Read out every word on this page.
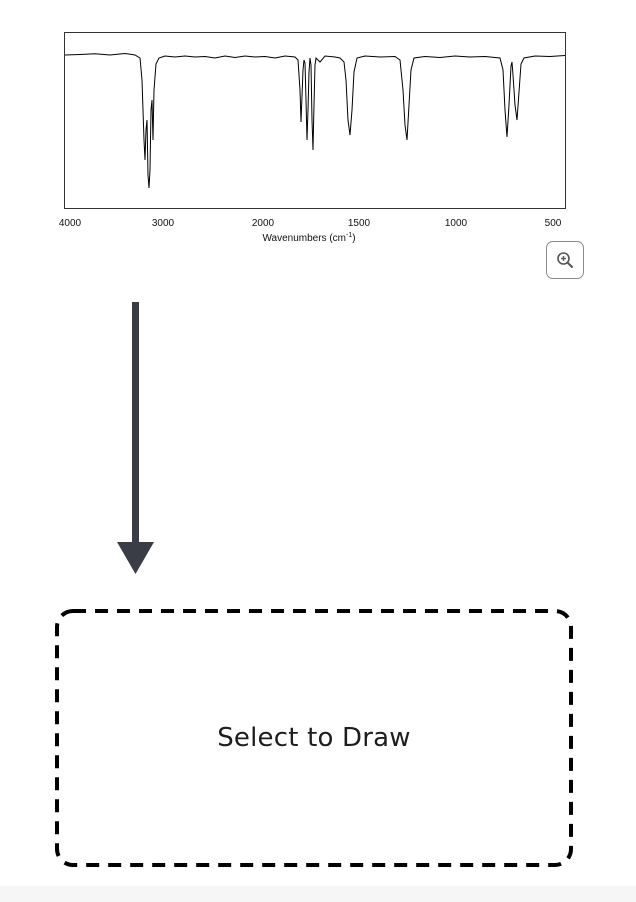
4000	3000	2000	1500	1000	500
Wavenumbers $(cm^{-1})$
Select to Draw
